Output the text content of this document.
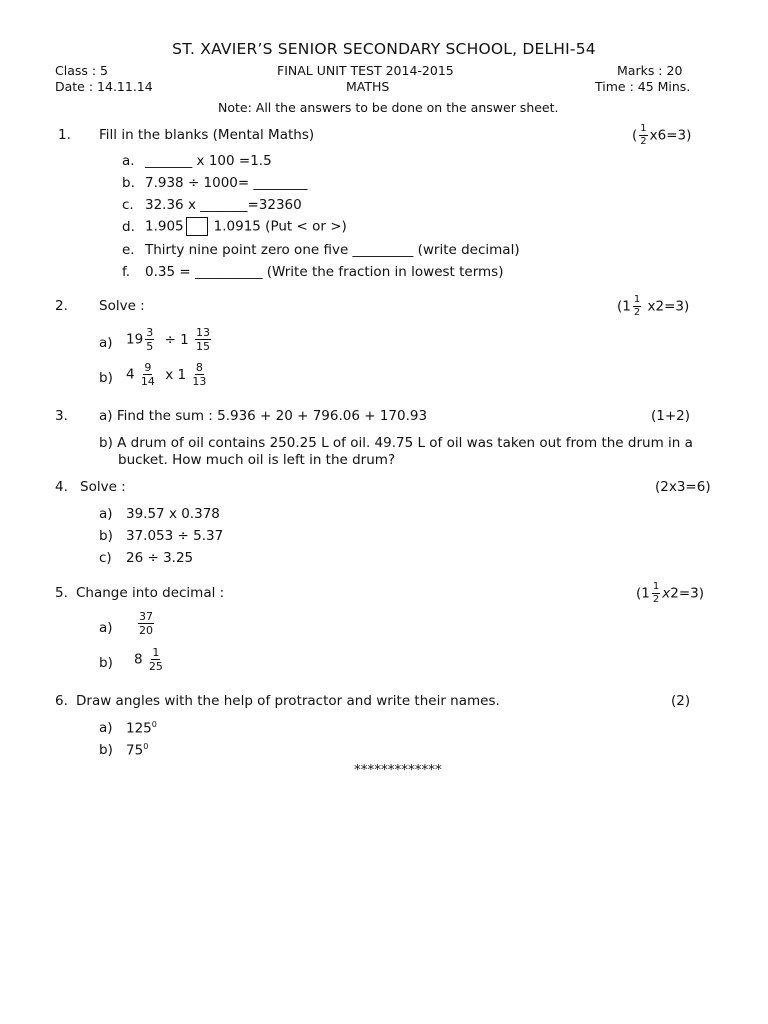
ST. XAVIER’S SENIOR SECONDARY SCHOOL, DELHI-54
Class : 5	FINAL UNIT TEST 2014-2015	Marks : 20
Date : 14.11.14	MATHS	Time : 45 Mins.
Note: All the answers to be done on the answer sheet.
1. Fill in the blanks (Mental Maths)	( $\frac{1}{2} x6=3$)
a. _______ x 100 =1.5
b. 7.938 ÷ 1000= ________
c. 32.36 x _______=32360
d. 1.905 1.0915 (Put < or >)
e. Thirty nine point zero one five _________ (write decimal)
f. 0.35 = __________ (Write the fraction in lowest terms)
2. Solve :	$(1 \frac{1}{2} x2=3)$
a) $19 \frac{3}{5} \div 1 \frac{13}{15}$
b) $4 \frac{9}{14}$ x $1 \frac{8}{13}$
3. a) Find the sum : 5.936 + 20 + 796.06 + 170.93	(1+2)
b) A drum of oil contains 250.25 L of oil. 49.75 L of oil was taken out from the drum in a
bucket. How much oil is left in the drum?
4. Solve :	(2x3=6)
a) 39.57 x 0.378
b) 37.053 ÷ 5.37
c) 26 ÷ 3.25
5. Change into decimal :	$(1 \frac{1}{2} x2=3)$
$a) \frac{37}{20}$
b) $8 \frac{1}{25}$
6. Draw angles with the help of protractor and write their names.	(2)
a) $125^0$
b) $75^0$
*************
